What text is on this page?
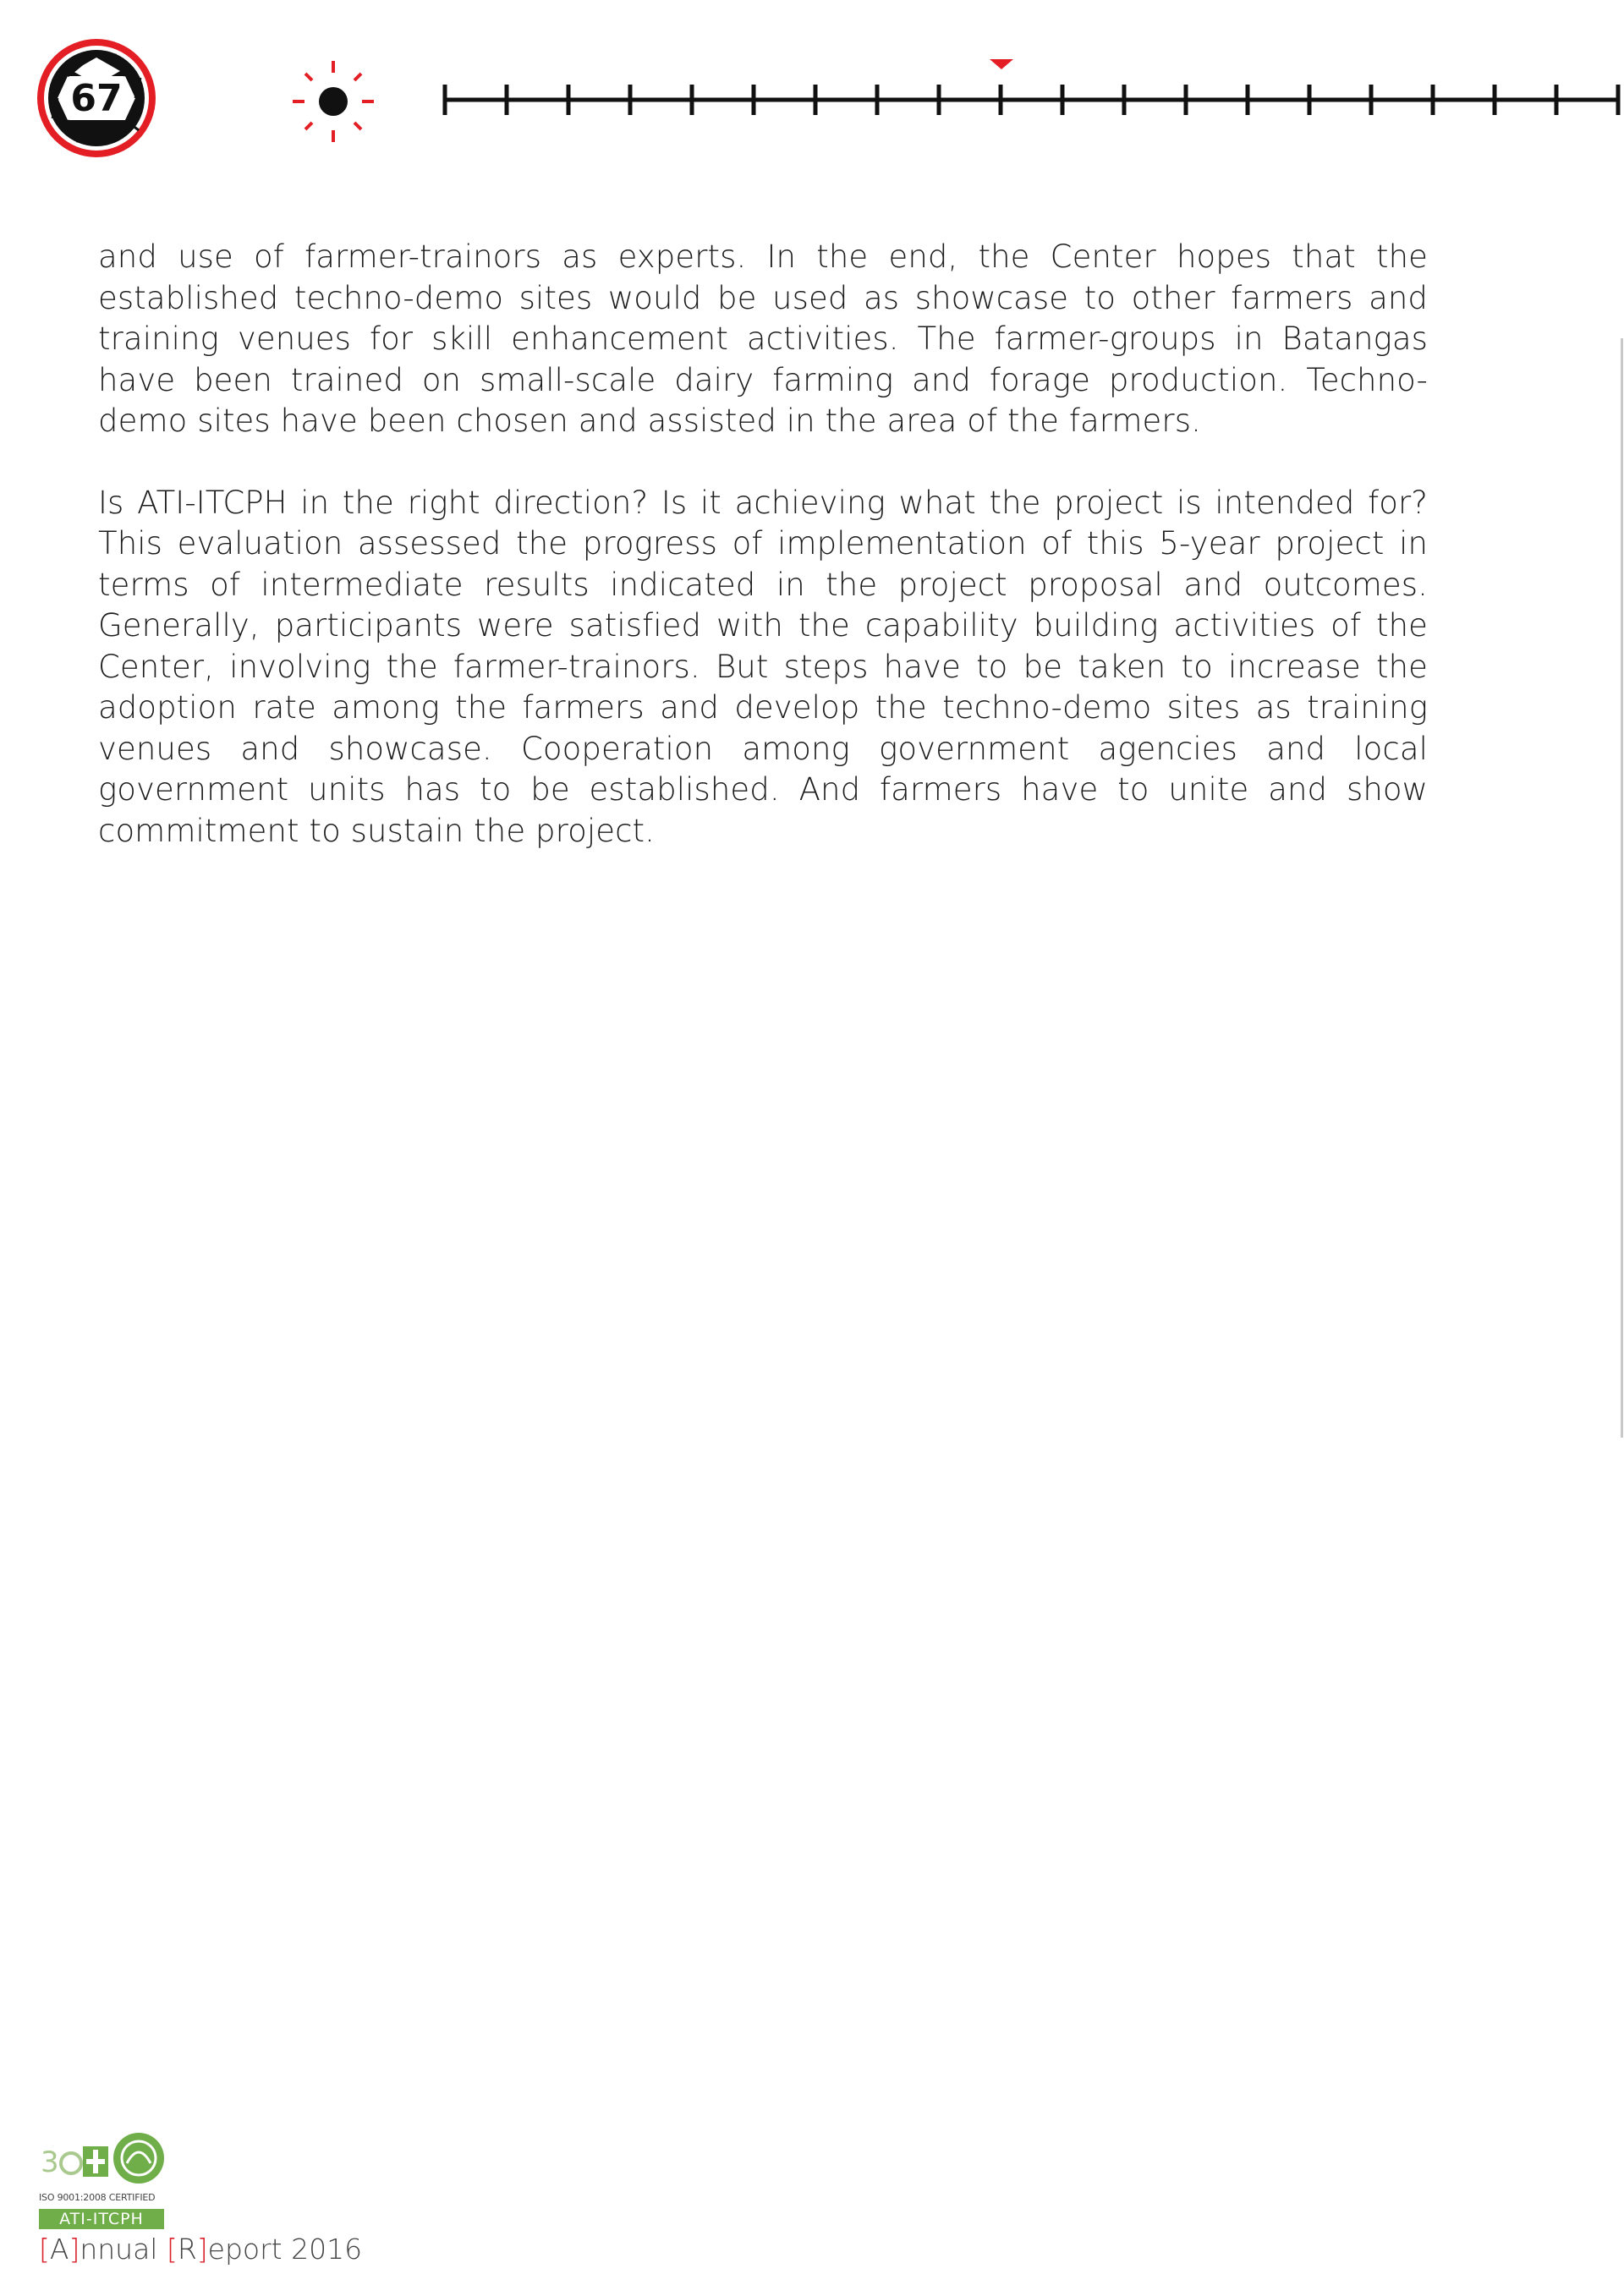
67

and use of farmer-trainors as experts. In the end, the Center hopes that the established techno-demo sites would be used as showcase to other farmers and training venues for skill enhancement activities. The farmer-groups in Batangas have been trained on small-scale dairy farming and forage production. Techno-demo sites have been chosen and assisted in the area of the farmers.

Is ATI-ITCPH in the right direction? Is it achieving what the project is intended for? This evaluation assessed the progress of implementation of this 5-year project in terms of intermediate results indicated in the project proposal and outcomes. Generally, participants were satisfied with the capability building activities of the Center, involving the farmer-trainors. But steps have to be taken to increase the adoption rate among the farmers and develop the techno-demo sites as training venues and showcase. Cooperation among government agencies and local government units has to be established. And farmers have to unite and show commitment to sustain the project.

3
ISO 9001:2008 CERTIFIED
ATI-ITCPH
[A]nnual [R]eport 2016
